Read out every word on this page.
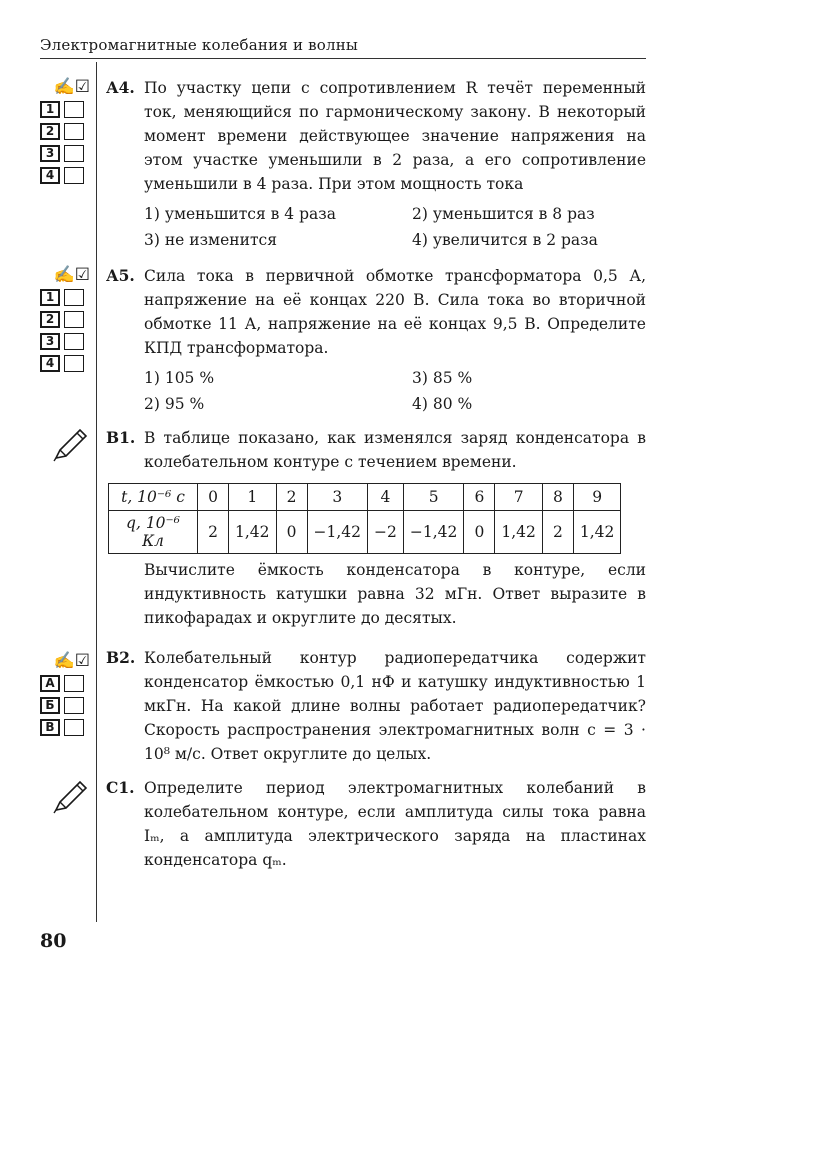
Электромагнитные колебания и волны
✍☑
1
2
3
4
✍☑
1
2
3
4
✍☑
А
Б
В
А4. По участку цепи с сопротивлением R течёт переменный ток, меняющийся по гармоническому закону. В некоторый момент времени действующее значение напряжения на этом участке уменьшили в 2 раза, а его сопротивление уменьшили в 4 раза. При этом мощность тока
1) уменьшится в 4 раза	2) уменьшится в 8 раз
3) не изменится	4) увеличится в 2 раза
А5. Сила тока в первичной обмотке трансформатора 0,5 А, напряжение на её концах 220 В. Сила тока во вторичной обмотке 11 А, напряжение на её концах 9,5 В. Определите КПД трансформатора.
1) 105 %	3) 85 %
2) 95 %	4) 80 %
В1. В таблице показано, как изменялся заряд конденсатора в колебательном контуре с течением времени.
t, 10⁻⁶ с	0	1	2	3	4	5	6	7	8	9
q, 10⁻⁶ Кл	2	1,42	0	−1,42	−2	−1,42	0	1,42	2	1,42
Вычислите ёмкость конденсатора в контуре, если индуктивность катушки равна 32 мГн. Ответ выразите в пикофарадах и округлите до десятых.
В2. Колебательный контур радиопередатчика содержит конденсатор ёмкостью 0,1 нФ и катушку индуктивностью 1 мкГн. На какой длине волны работает радиопередатчик? Скорость распространения электромагнитных волн c = 3 · 10⁸ м/с. Ответ округлите до целых.
С1. Определите период электромагнитных колебаний в колебательном контуре, если амплитуда силы тока равна Iₘ, а амплитуда электрического заряда на пластинах конденсатора qₘ.
80
